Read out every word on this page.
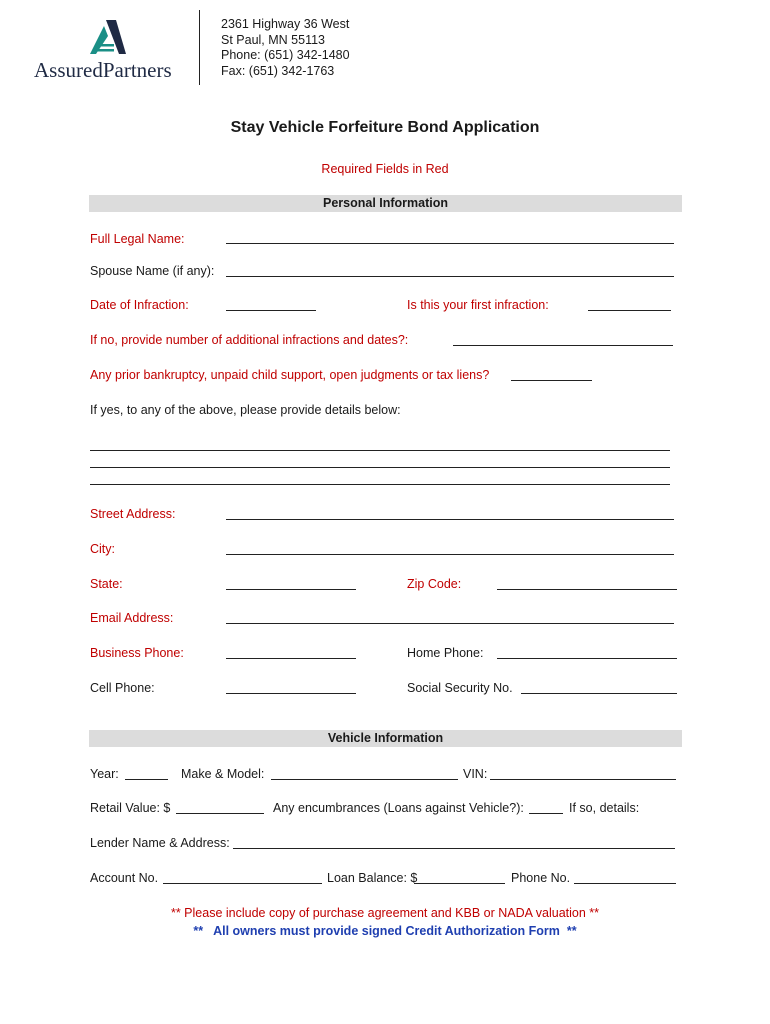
AssuredPartners
2361 Highway 36 West
St Paul, MN 55113
Phone: (651) 342-1480
Fax: (651) 342-1763
Stay Vehicle Forfeiture Bond Application
Required Fields in Red
Personal Information
Full Legal Name:
Spouse Name (if any):
Date of Infraction:	Is this your first infraction:
If no, provide number of additional infractions and dates?:
Any prior bankruptcy, unpaid child support, open judgments or tax liens?
If yes, to any of the above, please provide details below:
Street Address:
City:
State:	Zip Code:
Email Address:
Business Phone:	Home Phone:
Cell Phone:	Social Security No.
Vehicle Information
Year:	Make & Model:	VIN:
Retail Value: $	Any encumbrances (Loans against Vehicle?):	If so, details:
Lender Name & Address:
Account No.	Loan Balance: $	Phone No.
** Please include copy of purchase agreement and KBB or NADA valuation **
**   All owners must provide signed Credit Authorization Form  **
